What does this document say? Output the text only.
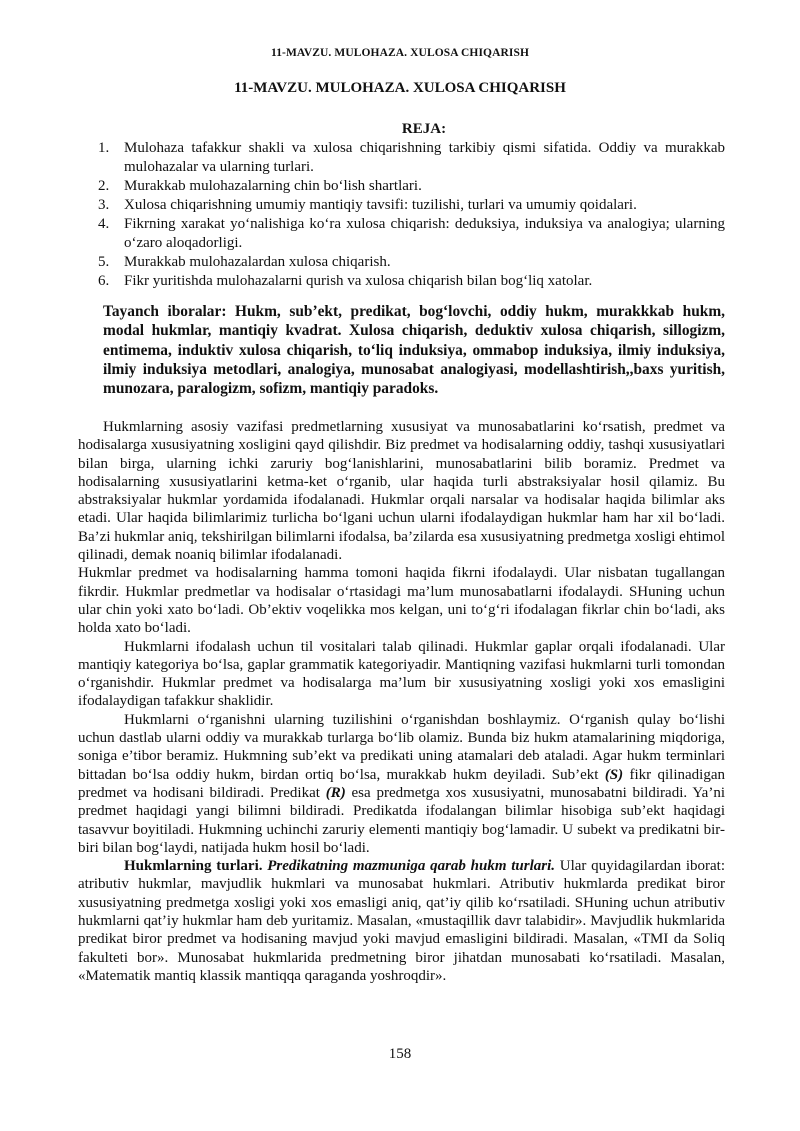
11-MAVZU. MULOHAZA. XULOSA CHIQARISH
11-MAVZU. MULOHAZA. XULOSA CHIQARISH
REJA:
1. Mulohaza tafakkur shakli va xulosa chiqarishning tarkibiy qismi sifatida. Oddiy va murakkab mulohazalar va ularning turlari.
2. Murakkab mulohazalarning chin bo‘lish shartlari.
3. Xulosa chiqarishning umumiy mantiqiy tavsifi: tuzilishi, turlari va umumiy qoidalari.
4. Fikrning xarakat yo‘nalishiga ko‘ra xulosa chiqarish: deduksiya, induksiya va analogiya; ularning o‘zaro aloqadorligi.
5. Murakkab mulohazalardan xulosa chiqarish.
6. Fikr yuritishda mulohazalarni qurish va xulosa chiqarish bilan bog‘liq xatolar.
Tayanch iboralar: Hukm, sub’ekt, predikat, bog‘lovchi, oddiy hukm, murakkkab hukm, modal hukmlar, mantiqiy kvadrat. Xulosa chiqarish, deduktiv xulosa chiqarish, sillogizm, entimema, induktiv xulosa chiqarish, to‘liq induksiya, ommabop induksiya, ilmiy induksiya, ilmiy induksiya metodlari, analogiya, munosabat analogiyasi, modellashtirish,,baxs yuritish, munozara, paralogizm, sofizm, mantiqiy paradoks.

Hukmlarning asosiy vazifasi predmetlarning xususiyat va munosabatlarini ko‘rsatish, predmet va hodisalarga xususiyatning xosligini qayd qilishdir. Biz predmet va hodisalarning oddiy, tashqi xususiyatlari bilan birga, ularning ichki zaruriy bog‘lanishlarini, munosabatlarini bilib boramiz. Predmet va hodisalarning xususiyatlarini ketma-ket o‘rganib, ular haqida turli abstraksiyalar hosil qilamiz. Bu abstraksiyalar hukmlar yordamida ifodalanadi. Hukmlar orqali narsalar va hodisalar haqida bilimlar aks etadi. Ular haqida bilimlarimiz turlicha bo‘lgani uchun ularni ifodalaydigan hukmlar ham har xil bo‘ladi. Ba’zi hukmlar aniq, tekshirilgan bilimlarni ifodalsa, ba’zilarda esa xususiyatning predmetga xosligi ehtimol qilinadi, demak noaniq bilimlar ifodalanadi.

Hukmlar predmet va hodisalarning hamma tomoni haqida fikrni ifodalaydi. Ular nisbatan tugallangan fikrdir. Hukmlar predmetlar va hodisalar o‘rtasidagi ma’lum munosabatlarni ifodalaydi. SHuning uchun ular chin yoki xato bo‘ladi. Ob’ektiv voqelikka mos kelgan, uni to‘g‘ri ifodalagan fikrlar chin bo‘ladi, aks holda xato bo‘ladi.

Hukmlarni ifodalash uchun til vositalari talab qilinadi. Hukmlar gaplar orqali ifodalanadi. Ular mantiqiy kategoriya bo‘lsa, gaplar grammatik kategoriyadir. Mantiqning vazifasi hukmlarni turli tomondan o‘rganishdir. Hukmlar predmet va hodisalarga ma’lum bir xususiyatning xosligi yoki xos emasligini ifodalaydigan tafakkur shaklidir.

Hukmlarni o‘rganishni ularning tuzilishini o‘rganishdan boshlaymiz. O‘rganish qulay bo‘lishi uchun dastlab ularni oddiy va murakkab turlarga bo‘lib olamiz. Bunda biz hukm atamalarining miqdoriga, soniga e’tibor beramiz. Hukmning sub’ekt va predikati uning atamalari deb ataladi. Agar hukm terminlari bittadan bo‘lsa oddiy hukm, birdan ortiq bo‘lsa, murakkab hukm deyiladi. Sub’ekt (S) fikr qilinadigan predmet va hodisani bildiradi. Predikat (R) esa predmetga xos xususiyatni, munosabatni bildiradi. Ya’ni predmet haqidagi yangi bilimni bildiradi. Predikatda ifodalangan bilimlar hisobiga sub’ekt haqidagi tasavvur boyitiladi. Hukmning uchinchi zaruriy elementi mantiqiy bog‘lamadir. U subekt va predikatni bir-biri bilan bog‘laydi, natijada hukm hosil bo‘ladi.

Hukmlarning turlari. Predikatning mazmuniga qarab hukm turlari. Ular quyidagilardan iborat: atributiv hukmlar, mavjudlik hukmlari va munosabat hukmlari. Atributiv hukmlarda predikat biror xususiyatning predmetga xosligi yoki xos emasligi aniq, qat’iy qilib ko‘rsatiladi. SHuning uchun atributiv hukmlarni qat’iy hukmlar ham deb yuritamiz. Masalan, «mustaqillik davr talabidir». Mavjudlik hukmlarida predikat biror predmet va hodisaning mavjud yoki mavjud emasligini bildiradi. Masalan, «TMI da Soliq fakulteti bor». Munosabat hukmlarida predmetning biror jihatdan munosabati ko‘rsatiladi. Masalan, «Matematik mantiq klassik mantiqqa qaraganda yoshroqdir».

158
